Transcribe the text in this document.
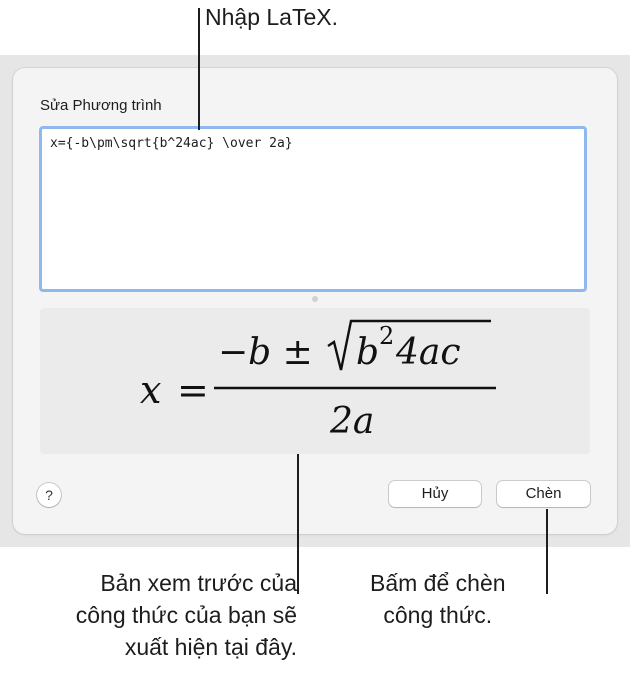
Sửa Phương trình
x={-b\pm\sqrt{b^24ac} \over 2a}
x =
−b ± b 2 4ac
2a
?	Hủy	Chèn
Nhập LaTeX.
Bản xem trước của
công thức của bạn sẽ
xuất hiện tại đây.
Bấm để chèn
công thức.
